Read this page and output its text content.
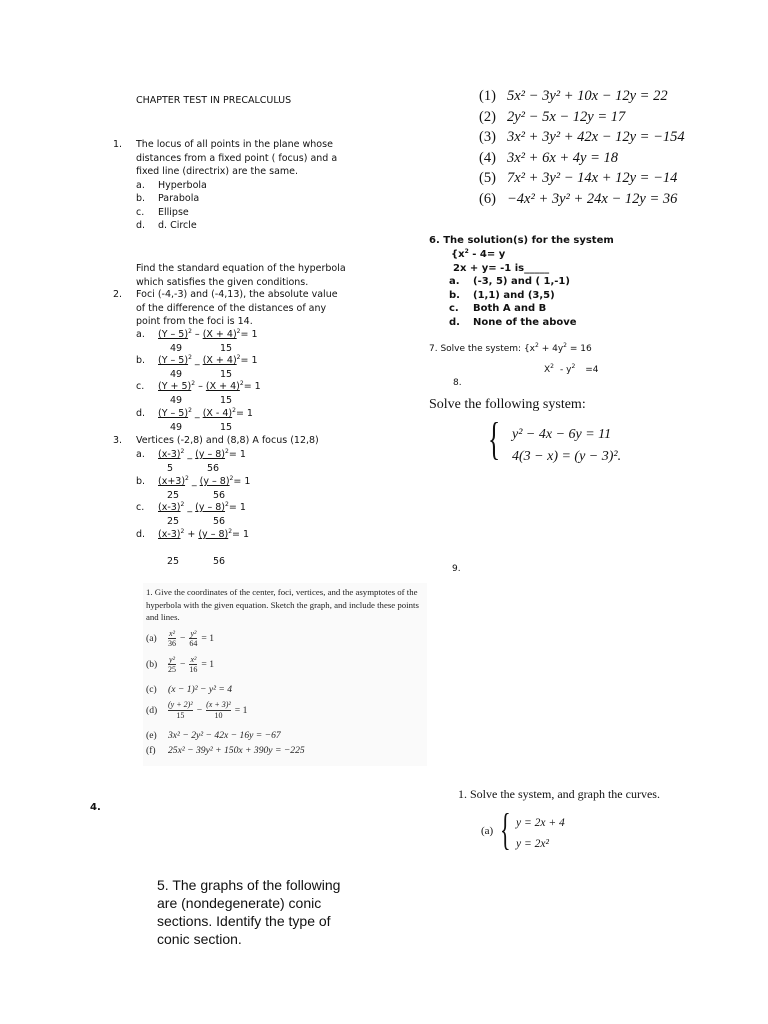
CHAPTER TEST IN PRECALCULUS
1. The locus of all points in the plane whose
distances from a fixed point ( focus) and a
fixed line (directrix) are the same.
a. Hyperbola
b. Parabola
c. Ellipse
d. d. Circle
Find the standard equation of the hyperbola
which satisfies the given conditions.
2. Foci (-4,-3) and (-4,13), the absolute value
of the difference of the distances of any
point from the foci is 14.
a. $(Y - 5)^2 - (X + 4)^2= 1$
49	15
b. (Y – 5)$^2$ _ $(X + 4)^2= 1$
49	15
c. $(Y + 5)^2 - (X + 4)^2= 1$
49	15
d. (Y – 5)$^2$ _ (X - 4)$^2$= 1
49	15
3. Vertices (-2,8) and (8,8) A focus (12,8)
a. $(x-3)^2$ _ (y – 8)$^2$= 1
5	56
b. $(x+3)^2$ _ (y – 8)$^2$= 1
25	56
c. $(x-3)^2$ _ (y – 8)$^2$= 1
25	56
d. $(x-3)^2 + (y - 8)^2= 1$
25	56
(1) 5x² − 3y² + 10x − 12y = 22
(2) 2y² − 5x − 12y = 17
(3) 3x² + 3y² + 42x − 12y = −154
(4) 3x² + 6x + 4y = 18
(5) 7x² + 3y² − 14x + 12y = −14
(6) −4x² + 3y² + 24x − 12y = 36
6. The solution(s) for the system
{$x^2 - 4= y$
2x + y= -1 is_____
a. (-3, 5) and ( 1,-1)
b. (1,1) and (3,5)
c. Both A and B
d. None of the above
7. Solve the system: {$x^2 + 4y^2 = 16$
$X^2 - y^2 =4$
8.
Solve the following system:
{ y² − 4x − 6y = 11
4(3 − x) = (y − 3)².
9.
1. Give the coordinates of the center, foci, vertices, and the asymptotes of the
hyperbola with the given equation. Sketch the graph, and include these points
and lines.
(a)	$\frac{\text{x²}}{36} - \frac{\text{y²}}{64} = 1$
(b)	$\frac{\text{y²}}{25} - \frac{\text{x²}}{16} = 1$
(c) (x − 1)² − y² = 4
(d)	$\frac{\text{(y + 2)²}}{15} - \frac{\text{(x + 3)²}}{10} = 1$
(e) 3x² − 2y² − 42x − 16y = −67
(f) 25x² − 39y² + 150x + 390y = −225
4.
1. Solve the system, and graph the curves.
(a) { y = 2x + 4
y = 2x²
5. The graphs of the following
are (nondegenerate) conic
sections. Identify the type of
conic section.
